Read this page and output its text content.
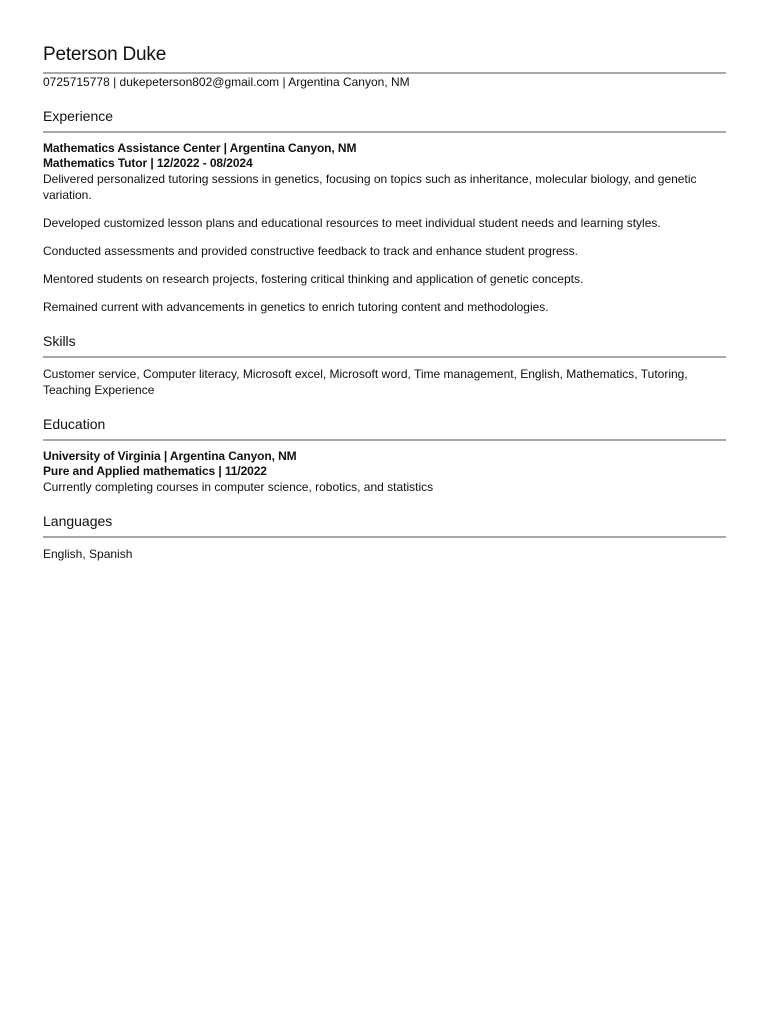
Peterson Duke
0725715778 | dukepeterson802@gmail.com | Argentina Canyon, NM
Experience
Mathematics Assistance Center | Argentina Canyon, NM
Mathematics Tutor | 12/2022 - 08/2024

Delivered personalized tutoring sessions in genetics, focusing on topics such as inheritance, molecular biology, and genetic variation.

Developed customized lesson plans and educational resources to meet individual student needs and learning styles.

Conducted assessments and provided constructive feedback to track and enhance student progress.

Mentored students on research projects, fostering critical thinking and application of genetic concepts.

Remained current with advancements in genetics to enrich tutoring content and methodologies.

Skills

Customer service, Computer literacy, Microsoft excel, Microsoft word, Time management, English, Mathematics, Tutoring, Teaching Experience

Education
University of Virginia | Argentina Canyon, NM
Pure and Applied mathematics | 11/2022

Currently completing courses in computer science, robotics, and statistics

Languages

English, Spanish
